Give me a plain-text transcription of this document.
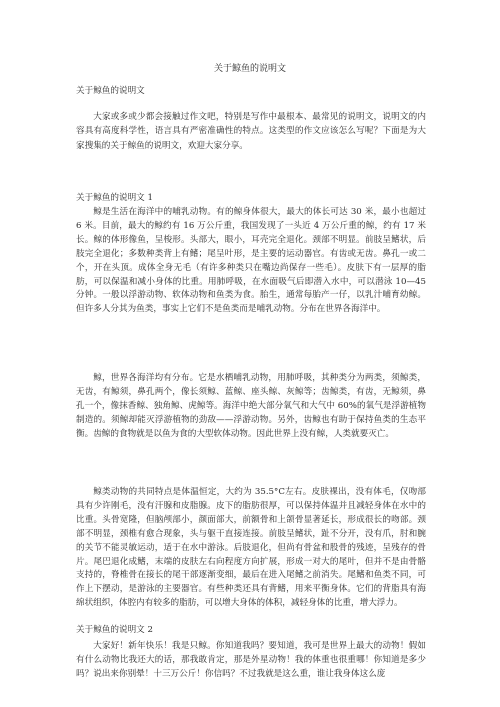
关于鲸鱼的说明文
关于鲸鱼的说明文

大家或多或少都会接触过作文吧，特别是写作中最根本、最常见的说明文，说明文的内容具有高度科学性，语言具有严密准确性的特点。这类型的作文应该怎么写呢？下面是为大家搜集的关于鲸鱼的说明文，欢迎大家分享。

关于鲸鱼的说明文 1

鲸是生活在海洋中的哺乳动物。有的鲸身体很大，最大的体长可达 30 米，最小也超过 6 米。目前，最大的鲸约有 16 万公斤重，我国发现了一头近 4 万公斤重的鲸，约有 17 米长。鲸的体形像鱼，呈梭形。头部大，眼小，耳壳完全退化。颈部不明显。前肢呈鳍状，后肢完全退化；多数种类背上有鳍；尾呈叶形，是主要的运动器官。有齿或无齿。鼻孔一或二个，开在头顶。成体全身无毛（有许多种类只在嘴边尚保存一些毛）。皮肤下有一层厚的脂肪，可以保温和减小身体的比重。用肺呼吸，在水面吸气后即潜入水中，可以潜泳 10—45 分钟。一般以浮游动物、软体动物和鱼类为食。胎生，通常每胎产一仔，以乳汁哺育幼鲸。但许多人分其为鱼类，事实上它们不是鱼类而是哺乳动物。分布在世界各海洋中。

鲸，世界各海洋均有分布。它是水栖哺乳动物，用肺呼吸，其种类分为两类，须鲸类，无齿，有鲸须，鼻孔两个，像长须鲸、蓝鲸、座头鲸、灰鲸等；齿鲸类，有齿，无鲸须，鼻孔一个，像抹香鲸、独角鲸、虎鲸等。海洋中绝大部分氧气和大气中 60%的氧气是浮游植物制造的。须鲸却能灭浮游植物的劲敌——浮游动物。另外，齿鲸也有助于保持鱼类的生态平衡。齿鲸的食物就是以鱼为食的大型软体动物。因此世界上没有鲸，人类就要灭亡。

鲸类动物的共同特点是体温恒定，大约为 35.5°C左右。皮肤裸出，没有体毛，仅吻部具有少许刚毛，没有汗腺和皮脂腺。皮下的脂肪很厚，可以保持体温并且减轻身体在水中的比重。头骨宽隆，但脑颅部小，颜面部大，前额骨和上颌骨显著延长，形成很长的吻部。颈部不明显，颈椎有愈合现象，头与躯干直接连接。前肢呈鳍状，趾不分开，没有爪，肘和腕的关节不能灵敏运动，适于在水中游泳。后肢退化，但尚有骨盆和股骨的残迹，呈残存的骨片。尾巴退化成鳍，末端的皮肤左右向程度方向扩展，形成一对大的尾叶，但并不是由骨骼支持的，脊椎骨在接长的尾干部逐渐变细，最后在进入尾鳍之前消失。尾鳍和鱼类不同，可作上下摆动，是游泳的主要器官。有些种类还具有背鳍，用来平衡身体。它们的背脂具有海绵状组织，体腔内有较多的脂肪，可以增大身体的体积，减轻身体的比重，增大浮力。

关于鲸鱼的说明文 2

大家好！新年快乐！我是只鲸。你知道我吗？要知道，我可是世界上最大的动物！假如有什么动物比我还大的话，那我敢肯定，那是外星动物！我的体重也很重哪！你知道是多少吗？说出来你别晕！十三万公斤！你信吗？不过我就是这么重，谁让我身体这么庞
